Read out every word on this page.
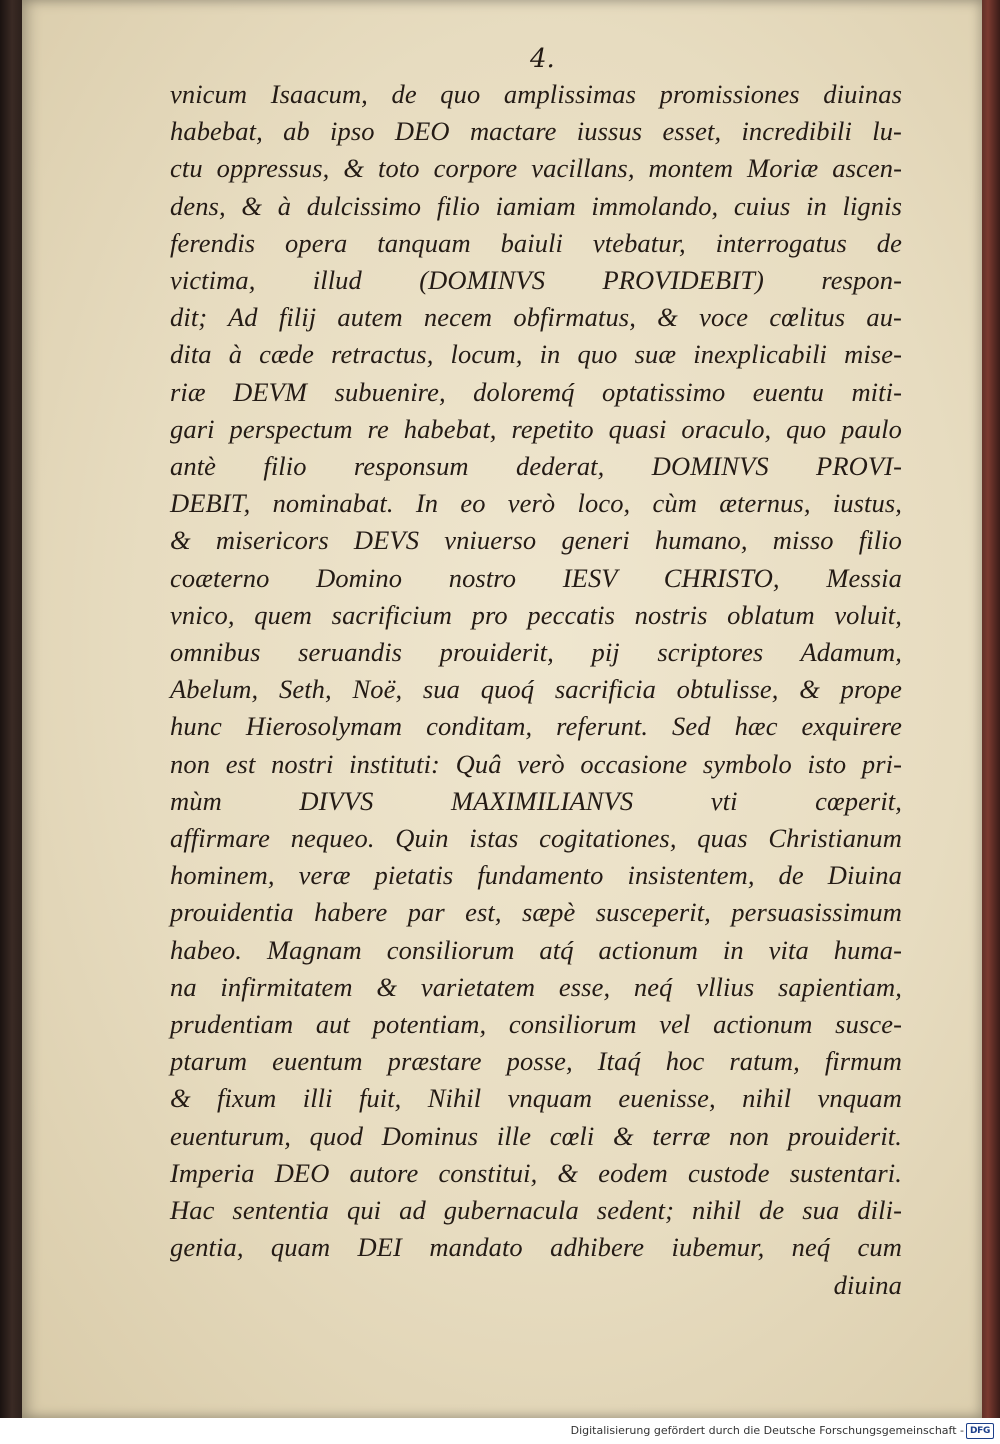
4.
vnicum Isaacum, de quo amplissimas promissiones diuinas
habebat, ab ipso DEO mactare iussus esset, incredibili lu-
ctu oppressus, & toto corpore vacillans, montem Moriæ ascen-
dens, & à dulcissimo filio iamiam immolando, cuius in lignis
ferendis opera tanquam baiuli vtebatur, interrogatus de
victima, illud (DOMINVS PROVIDEBIT) respon-
dit; Ad filij autem necem obfirmatus, & voce cœlitus au-
dita à cæde retractus, locum, in quo suæ inexplicabili mise-
riæ DEVM subuenire, doloremq́ optatissimo euentu miti-
gari perspectum re habebat, repetito quasi oraculo, quo paulo
antè filio responsum dederat, DOMINVS PROVI-
DEBIT, nominabat. In eo verò loco, cùm æternus, iustus,
& misericors DEVS vniuerso generi humano, misso filio
coæterno Domino nostro IESV CHRISTO, Messia
vnico, quem sacrificium pro peccatis nostris oblatum voluit,
omnibus seruandis prouiderit, pij scriptores Adamum,
Abelum, Seth, Noë, sua quoq́ sacrificia obtulisse, & prope
hunc Hierosolymam conditam, referunt. Sed hæc exquirere
non est nostri instituti: Quâ verò occasione symbolo isto pri-
mùm DIVVS MAXIMILIANVS vti cœperit,
affirmare nequeo. Quin istas cogitationes, quas Christianum
hominem, veræ pietatis fundamento insistentem, de Diuina
prouidentia habere par est, sæpè susceperit, persuasissimum
habeo. Magnam consiliorum atq́ actionum in vita huma-
na infirmitatem & varietatem esse, neq́ vllius sapientiam,
prudentiam aut potentiam, consiliorum vel actionum susce-
ptarum euentum præstare posse, Itaq́ hoc ratum, firmum
& fixum illi fuit, Nihil vnquam euenisse, nihil vnquam
euenturum, quod Dominus ille cœli & terræ non prouiderit.
Imperia DEO autore constitui, & eodem custode sustentari.
Hac sententia qui ad gubernacula sedent; nihil de sua dili-
gentia, quam DEI mandato adhibere iubemur, neq́ cum
diuina
Digitalisierung gefördert durch die Deutsche Forschungsgemeinschaft - DFG
